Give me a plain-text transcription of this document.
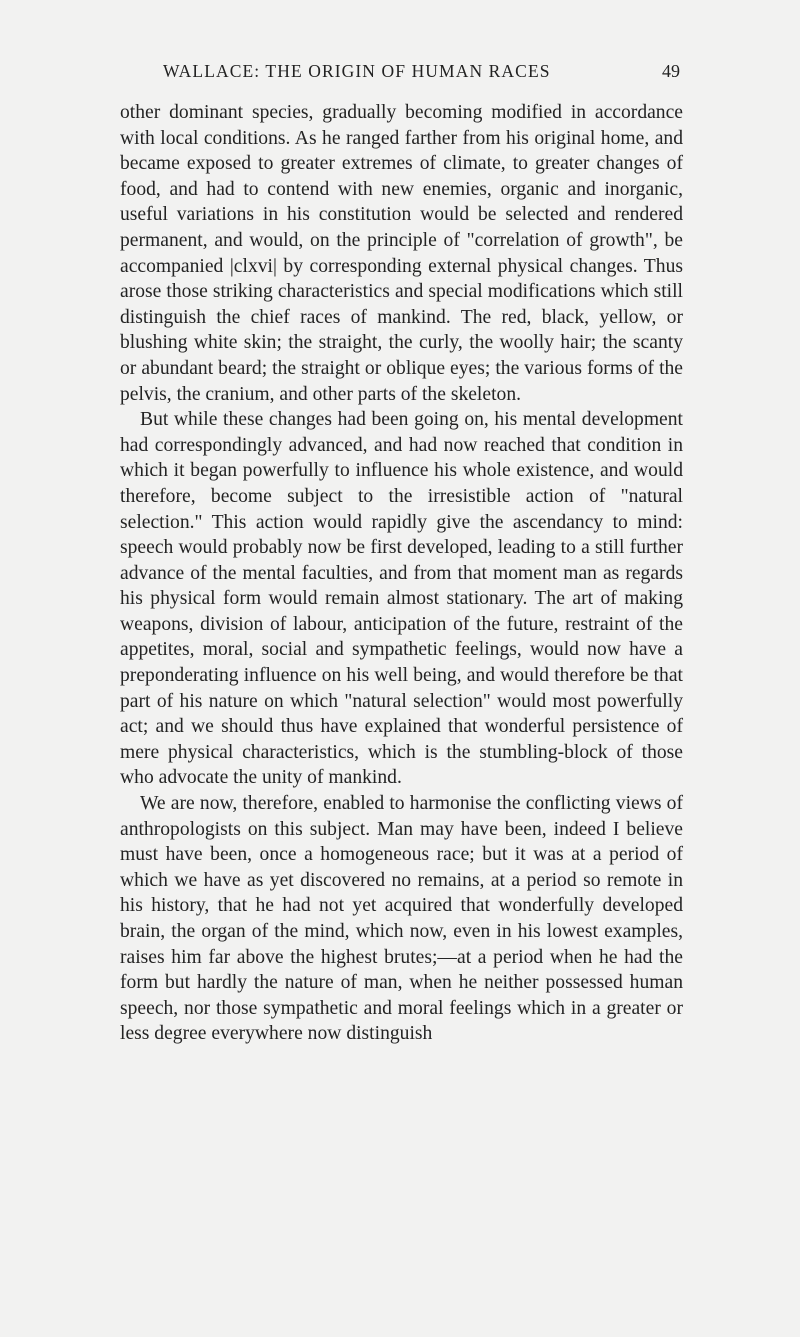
WALLACE: THE ORIGIN OF HUMAN RACES	49

other dominant species, gradually becoming modified in accordance with local conditions. As he ranged farther from his original home, and became exposed to greater extremes of climate, to greater changes of food, and had to contend with new enemies, organic and inorganic, useful variations in his constitution would be selected and rendered permanent, and would, on the principle of "correlation of growth", be accompanied |clxvi| by corresponding external physical changes. Thus arose those striking characteristics and special modifications which still distinguish the chief races of mankind. The red, black, yellow, or blushing white skin; the straight, the curly, the woolly hair; the scanty or abundant beard; the straight or oblique eyes; the various forms of the pelvis, the cranium, and other parts of the skeleton.

But while these changes had been going on, his mental development had correspondingly advanced, and had now reached that condition in which it began powerfully to influence his whole existence, and would therefore, become subject to the irresistible action of "natural selection." This action would rapidly give the ascendancy to mind: speech would probably now be first developed, leading to a still further advance of the mental faculties, and from that moment man as regards his physical form would remain almost stationary. The art of making weapons, division of labour, anticipation of the future, restraint of the appetites, moral, social and sympathetic feelings, would now have a preponderating influence on his well being, and would therefore be that part of his nature on which "natural selection" would most powerfully act; and we should thus have explained that wonderful persistence of mere physical characteristics, which is the stumbling-block of those who advocate the unity of mankind.

We are now, therefore, enabled to harmonise the conflicting views of anthropologists on this subject. Man may have been, indeed I believe must have been, once a homogeneous race; but it was at a period of which we have as yet discovered no remains, at a period so remote in his history, that he had not yet acquired that wonderfully developed brain, the organ of the mind, which now, even in his lowest examples, raises him far above the highest brutes;—at a period when he had the form but hardly the nature of man, when he neither possessed human speech, nor those sympathetic and moral feelings which in a greater or less degree everywhere now distinguish
